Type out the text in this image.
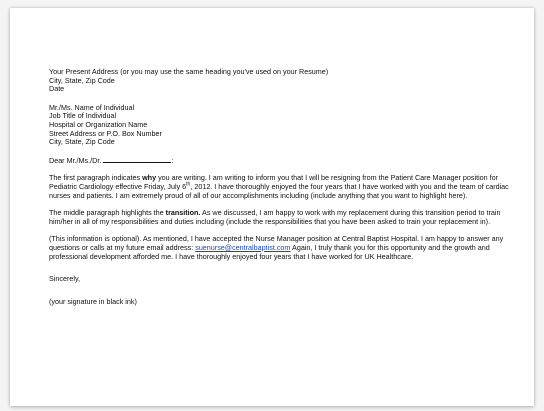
Your Present Address (or you may use the same heading you've used on your Resume)
City, State, Zip Code
Date
Mr./Ms. Name of Individual
Job Title of Individual
Hospital or Organization Name
Street Address or P.O. Box Number
City, State, Zip Code
Dear Mr./Ms./Dr.	:

The first paragraph indicates why you are writing. I am writing to inform you that I will be resigning from the Patient Care Manager position for Pediatric Cardiology effective Friday, July 6th, 2012. I have thoroughly enjoyed the four years that I have worked with you and the team of cardiac nurses and patients. I am extremely proud of all of our accomplishments including (include anything that you want to highlight here).

The middle paragraph highlights the transition. As we discussed, I am happy to work with my replacement during this transition period to train him/her in all of my responsibilities and duties including (include the responsibilities that you have been asked to train your replacement in).

(This information is optional). As mentioned, I have accepted the Nurse Manager position at Central Baptist Hospital. I am happy to answer any questions or calls at my future email address: suenurse@centralbaptist.com Again, I truly thank you for this opportunity and the growth and professional development afforded me. I have thoroughly enjoyed four years that I have worked for UK Healthcare.

Sincerely,
(your signature in black ink)
